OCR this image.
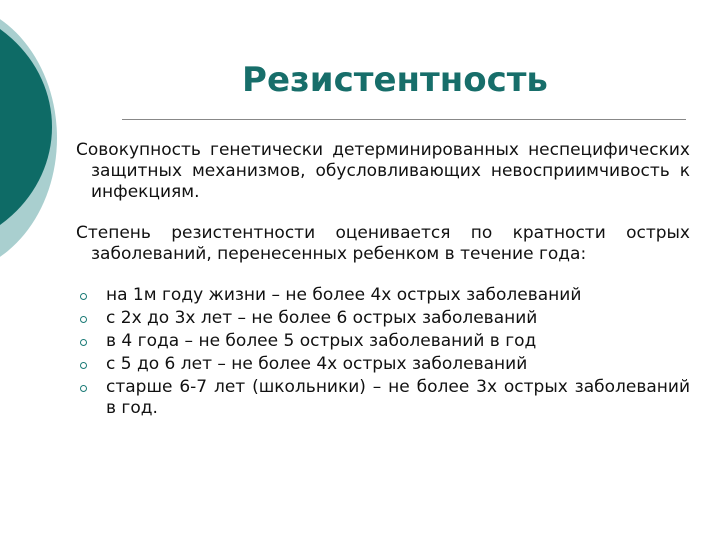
Резистентность

Совокупность генетически детерминированных неспецифических защитных механизмов, обусловливающих невосприимчивость к инфекциям.

Степень резистентности оценивается по кратности острых заболеваний, перенесенных ребенком в течение года:

на 1м году жизни – не более 4х острых заболеваний
с 2х до 3х лет – не более 6 острых заболеваний
в 4 года – не более 5 острых заболеваний в год
с 5 до 6 лет – не более 4х острых заболеваний
старше 6-7 лет (школьники) – не более 3х острых заболеваний в год.
